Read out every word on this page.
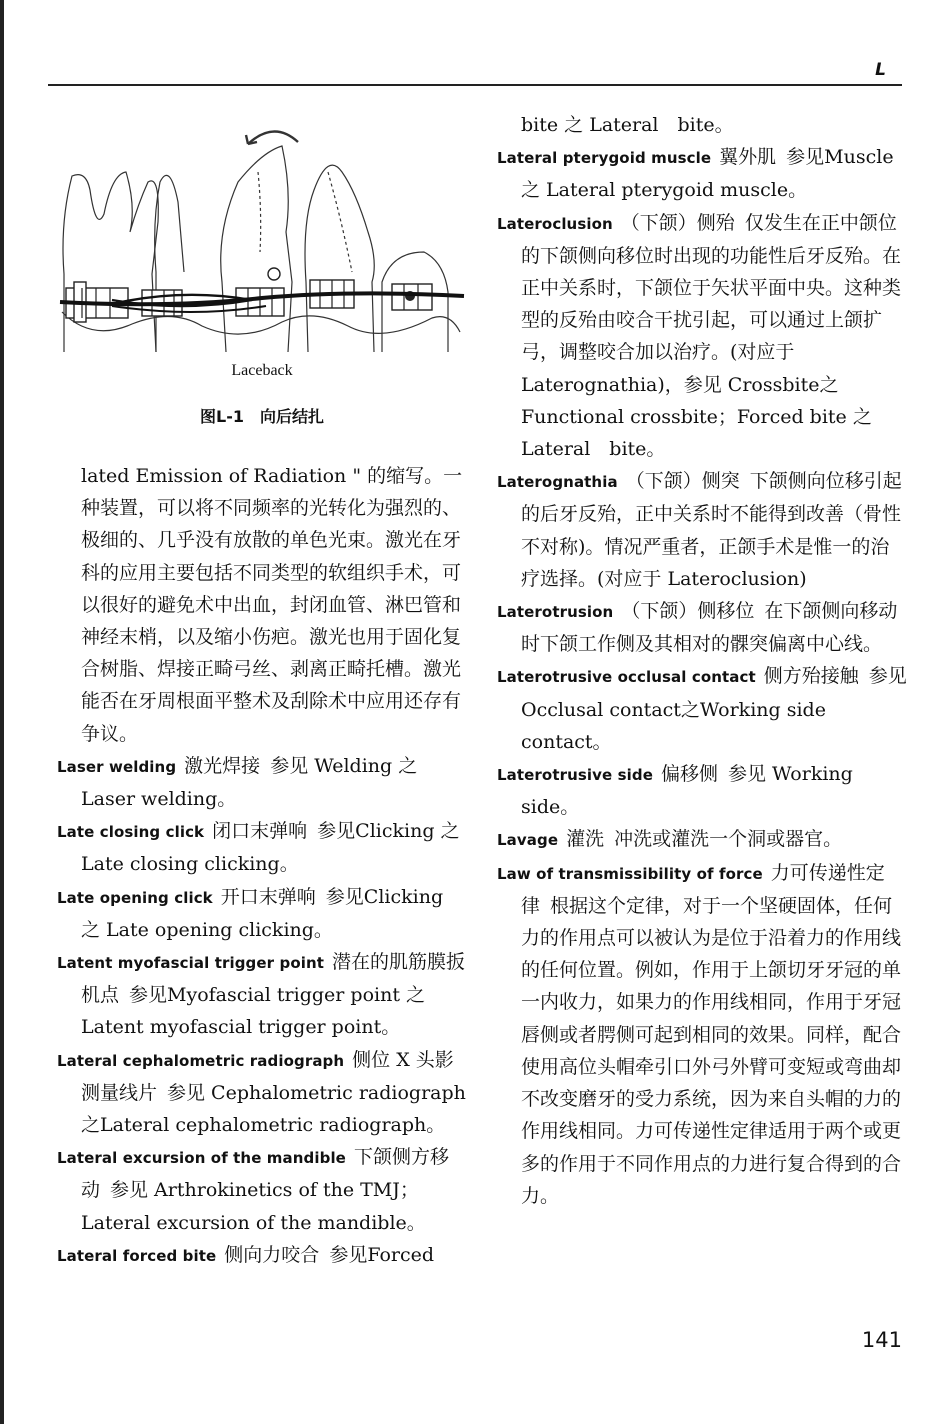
L
Laceback
图L-1　向后结扎

lated Emission of Radiation " 的缩写。一种装置，可以将不同频率的光转化为强烈的、极细的、几乎没有放散的单色光束。激光在牙科的应用主要包括不同类型的软组织手术，可以很好的避免术中出血，封闭血管、淋巴管和神经末梢，以及缩小伤疤。激光也用于固化复合树脂、焊接正畸弓丝、剥离正畸托槽。激光能否在牙周根面平整术及刮除术中应用还存有争议。

Laser welding 激光焊接 参见 Welding 之 Laser welding。

Late closing click 闭口末弹响 参见Clicking 之 Late closing clicking。

Late opening click 开口末弹响 参见Clicking 之 Late opening clicking。

Latent myofascial trigger point 潜在的肌筋膜扳机点 参见Myofascial trigger point 之 Latent myofascial trigger point。

Lateral cephalometric radiograph 侧位 X 头影测量线片 参见 Cephalometric radiograph之Lateral cephalometric radiograph。

Lateral excursion of the mandible 下颌侧方移动 参见 Arthrokinetics of the TMJ；Lateral excursion of the mandible。

Lateral forced bite 侧向力咬合 参见Forced

bite 之 Lateral　bite。

Lateral pterygoid muscle 翼外肌 参见Muscle 之 Lateral pterygoid muscle。

Lateroclusion （下颌）侧殆 仅发生在正中颌位的下颌侧向移位时出现的功能性后牙反殆。在正中关系时，下颌位于矢状平面中央。这种类型的反殆由咬合干扰引起，可以通过上颌扩弓，调整咬合加以治疗。(对应于Laterognathia)，参见 Crossbite之Functional crossbite；Forced bite 之 Lateral　bite。

Laterognathia （下颌）侧突 下颌侧向位移引起的后牙反殆，正中关系时不能得到改善（骨性不对称)。情况严重者，正颌手术是惟一的治疗选择。(对应于 Lateroclusion)

Laterotrusion （下颌）侧移位 在下颌侧向移动时下颌工作侧及其相对的髁突偏离中心线。

Laterotrusive occlusal contact 侧方殆接触 参见Occlusal contact之Working side contact。

Laterotrusive side 偏移侧 参见 Working side。

Lavage 灌洗 冲洗或灌洗一个洞或器官。

Law of transmissibility of force 力可传递性定律 根据这个定律，对于一个坚硬固体，任何力的作用点可以被认为是位于沿着力的作用线的任何位置。例如，作用于上颌切牙牙冠的单一内收力，如果力的作用线相同，作用于牙冠唇侧或者腭侧可起到相同的效果。同样，配合使用高位头帽牵引口外弓外臂可变短或弯曲却不改变磨牙的受力系统，因为来自头帽的力的作用线相同。力可传递性定律适用于两个或更多的作用于不同作用点的力进行复合得到的合力。

141
